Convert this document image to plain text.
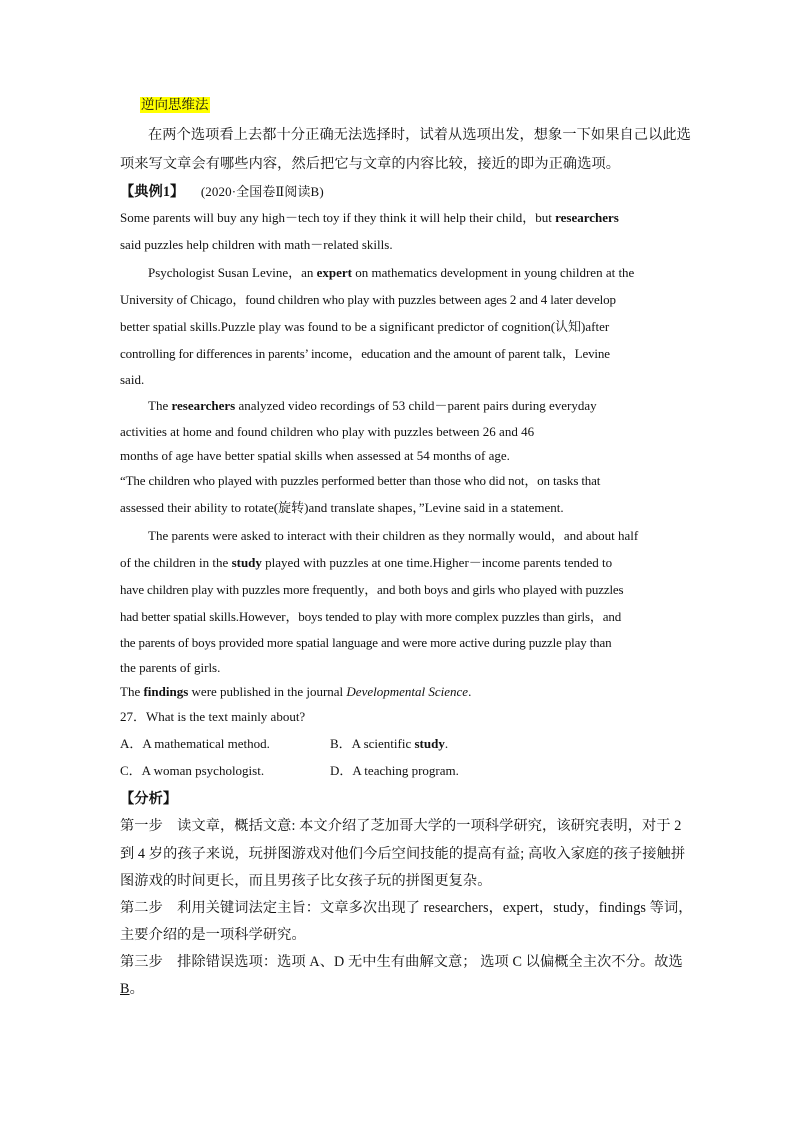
逆向思维法
在两个选项看上去都十分正确无法选择时，试着从选项出发，想象一下如果自己以此选
项来写文章会有哪些内容，然后把它与文章的内容比较，接近的即为正确选项。
【典例1】 (2020·全国卷Ⅱ阅读B)
Some parents will buy any high－tech toy if they think it will help their child，but researchers
said puzzles help children with math－related skills.
Psychologist Susan Levine，an expert on mathematics development in young children at the
University of Chicago，found children who play with puzzles between ages 2 and 4 later develop
better spatial skills.Puzzle play was found to be a significant predictor of cognition(认知)after
controlling for differences in parents’ income，education and the amount of parent talk，Levine
said.
The researchers analyzed video recordings of 53 child－parent pairs during everyday
activities at home and found children who play with puzzles between 26 and 46
months of age have better spatial skills when assessed at 54 months of age.
“The children who played with puzzles performed better than those who did not，on tasks that
assessed their ability to rotate(旋转)and translate shapes，”Levine said in a statement.
The parents were asked to interact with their children as they normally would，and about half
of the children in the study played with puzzles at one time.Higher－income parents tended to
have children play with puzzles more frequently，and both boys and girls who played with puzzles
had better spatial skills.However，boys tended to play with more complex puzzles than girls，and
the parents of boys provided more spatial language and were more active during puzzle play than
the parents of girls.
The findings were published in the journal Developmental Science.
27．What is the text mainly about?
A．A mathematical method.	B．A scientific study.
C．A woman psychologist.	D．A teaching program.
【分析】
第一步　读文章，概括文意: 本文介绍了芝加哥大学的一项科学研究，该研究表明，对于 2
到 4 岁的孩子来说，玩拼图游戏对他们今后空间技能的提高有益; 高收入家庭的孩子接触拼
图游戏的时间更长，而且男孩子比女孩子玩的拼图更复杂。
第二步　利用关键词法定主旨：文章多次出现了 researchers，expert，study，findings 等词，
主要介绍的是一项科学研究。
第三步　排除错误选项：选项 A、D 无中生有曲解文意； 选项 C 以偏概全主次不分。故选
B。
